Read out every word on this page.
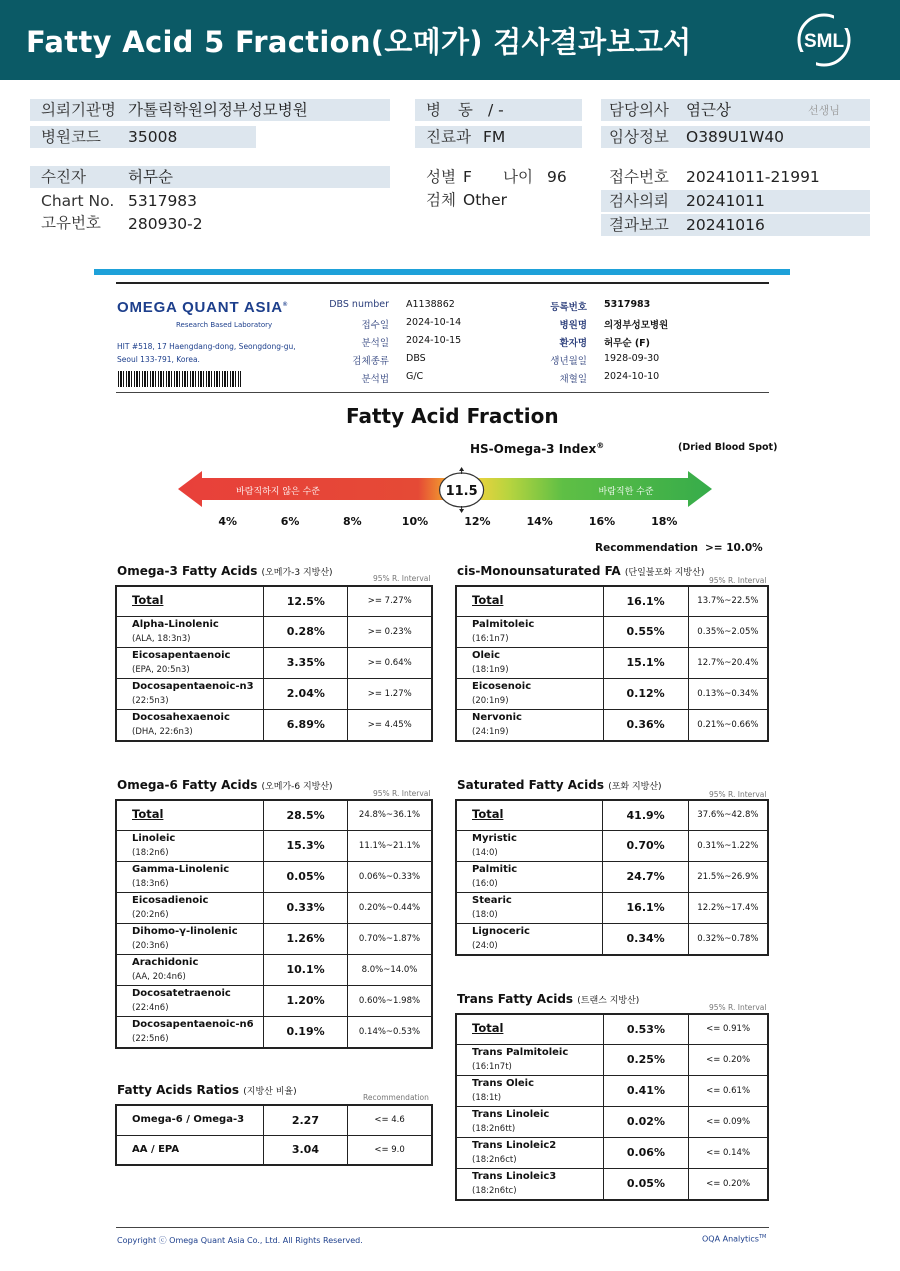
Fatty Acid 5 Fraction(오메가) 검사결과보고서	SML
의뢰기관명 가톨릭학원의정부성모병원
병원코드 35008
병 동 / -
진료과 FM
담당의사 염근상	선생님
임상정보 O389U1W40
수진자	허무순
Chart No. 5317983
고유번호 280930-2
성별 F 나이 96
검체 Other
접수번호 20241011-21991
검사의뢰 20241011
결과보고 20241016
OMEGA QUANT ASIA®
Research Based Laboratory
HIT #518, 17 Haengdang-dong, Seongdong-gu,
Seoul 133-791, Korea.
DBS number A1138862
접수일 2024-10-14
분석일 2024-10-15
검체종류 DBS
분석법 G/C
등록번호 5317983
병원명 의정부성모병원
환자명 허무순 (F)
생년월일 1928-09-30
채혈일 2024-10-10
Fatty Acid Fraction
HS-Omega-3 Index®	(Dried Blood Spot)
바람직하지 않은 수준	바람직한 수준
11.5
4%	6%	8%	10%	12%	14%	16%	18%
Recommendation >= 10.0%
Omega-3 Fatty Acids (오메가-3 지방산)
95% R. Interval
Total	12.5%	>= 7.27%

Alpha-Linolenic
(ALA, 18:3n3)	0.28%	>= 0.23%

Eicosapentaenoic
(EPA, 20:5n3)	3.35%	>= 0.64%

Docosapentaenoic-n3
(22:5n3)	2.04%	>= 1.27%

Docosahexaenoic
(DHA, 22:6n3)	6.89%	>= 4.45%
cis-Monounsaturated FA (단일불포화 지방산)
95% R. Interval
Total	16.1%	13.7%~22.5%

Palmitoleic
(16:1n7)	0.55%	0.35%~2.05%

Oleic
(18:1n9)	15.1%	12.7%~20.4%

Eicosenoic
(20:1n9)	0.12%	0.13%~0.34%

Nervonic
(24:1n9)	0.36%	0.21%~0.66%
Omega-6 Fatty Acids (오메가-6 지방산)
95% R. Interval
Total	28.5%	24.8%~36.1%

Linoleic
(18:2n6)	15.3%	11.1%~21.1%

Gamma-Linolenic
(18:3n6)	0.05%	0.06%~0.33%

Eicosadienoic
(20:2n6)	0.33%	0.20%~0.44%

Dihomo-γ-linolenic
(20:3n6)	1.26%	0.70%~1.87%

Arachidonic
(AA, 20:4n6)	10.1%	8.0%~14.0%

Docosatetraenoic
(22:4n6)	1.20%	0.60%~1.98%

Docosapentaenoic-n6
(22:5n6)	0.19%	0.14%~0.53%
Saturated Fatty Acids (포화 지방산)
95% R. Interval
Total	41.9%	37.6%~42.8%

Myristic
(14:0)	0.70%	0.31%~1.22%

Palmitic
(16:0)	24.7%	21.5%~26.9%

Stearic
(18:0)	16.1%	12.2%~17.4%

Lignoceric
(24:0)	0.34%	0.32%~0.78%
Trans Fatty Acids (트랜스 지방산)
95% R. Interval
Total	0.53%	<= 0.91%

Trans Palmitoleic
(16:1n7t)	0.25%	<= 0.20%

Trans Oleic
(18:1t)	0.41%	<= 0.61%

Trans Linoleic
(18:2n6tt)	0.02%	<= 0.09%

Trans Linoleic2
(18:2n6ct)	0.06%	<= 0.14%

Trans Linoleic3
(18:2n6tc)	0.05%	<= 0.20%
Fatty Acids Ratios (지방산 비율)
Recommendation
Omega-6 / Omega-3	2.27	<= 4.6
AA / EPA	3.04	<= 9.0
Copyright ⓒ Omega Quant Asia Co., Ltd. All Rights Reserved.	OQA Analytics™
